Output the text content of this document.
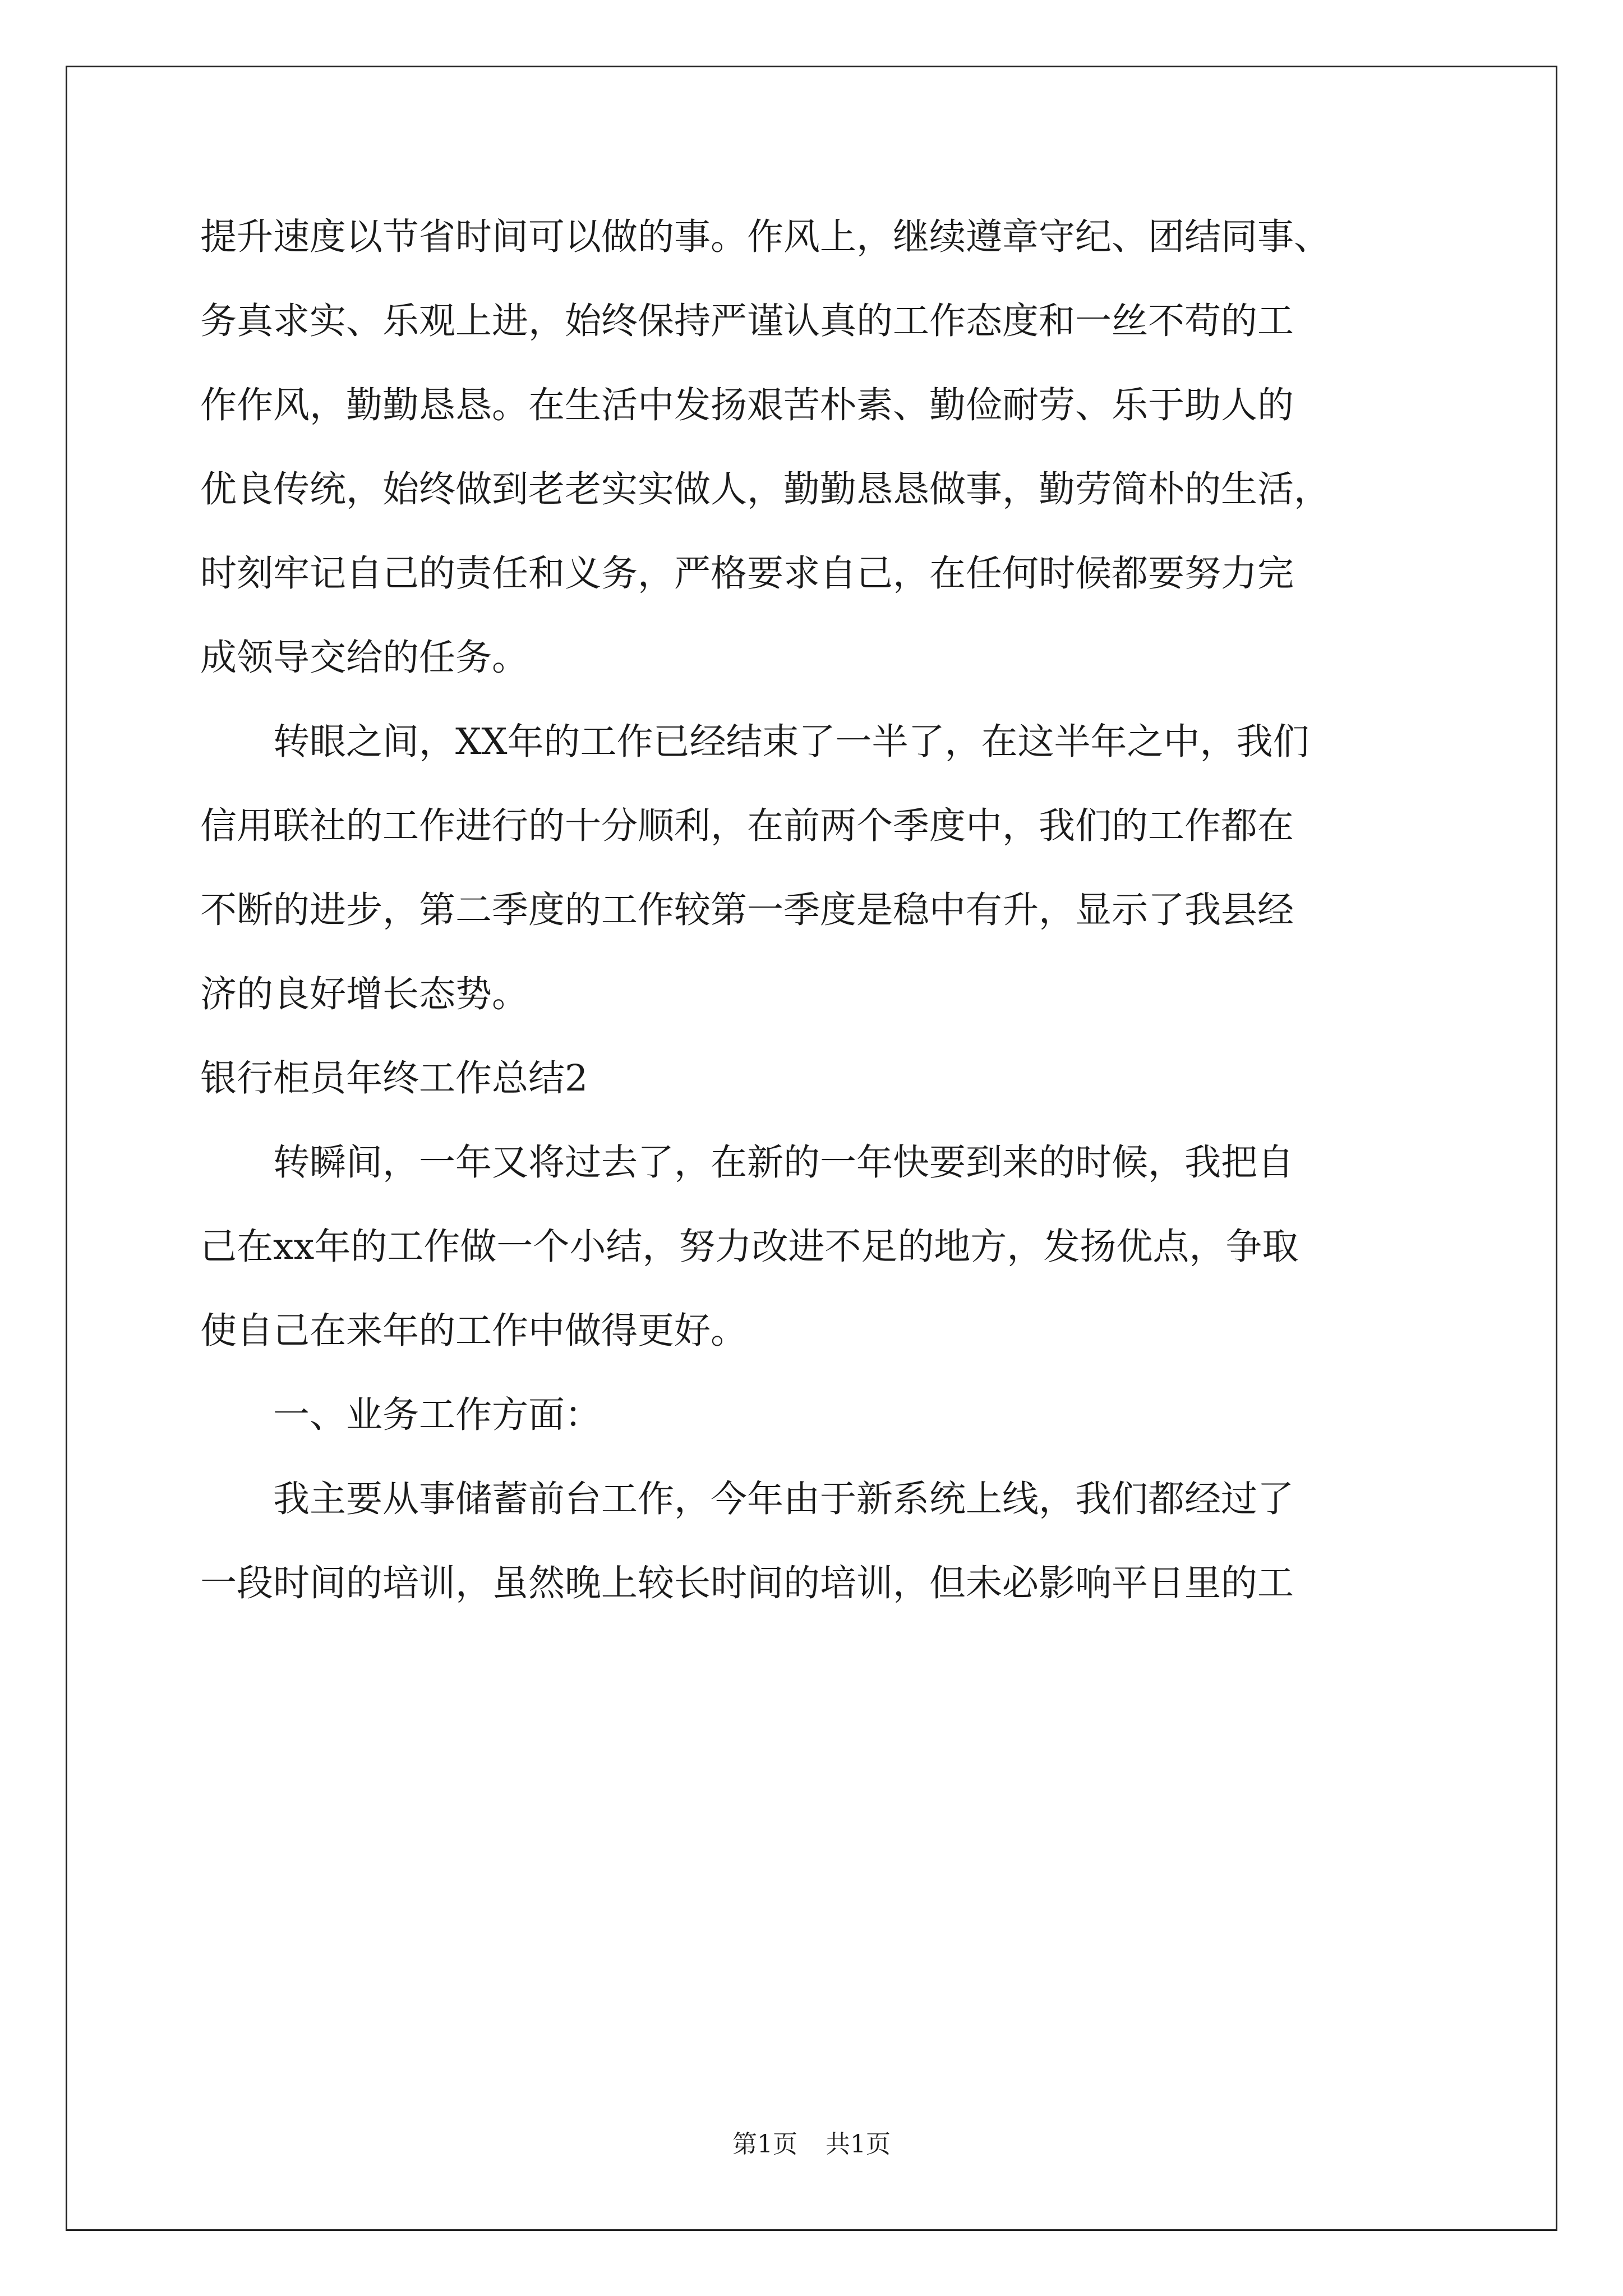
提升速度以节省时间可以做的事。作风上，继续遵章守纪、团结同事、
务真求实、乐观上进，始终保持严谨认真的工作态度和一丝不苟的工
作作风，勤勤恳恳。在生活中发扬艰苦朴素、勤俭耐劳、乐于助人的
优良传统，始终做到老老实实做人，勤勤恳恳做事，勤劳简朴的生活，
时刻牢记自己的责任和义务，严格要求自己，在任何时候都要努力完
成领导交给的任务。
　　转眼之间，XX年的工作已经结束了一半了，在这半年之中，我们
信用联社的工作进行的十分顺利，在前两个季度中，我们的工作都在
不断的进步，第二季度的工作较第一季度是稳中有升，显示了我县经
济的良好增长态势。
银行柜员年终工作总结2
　　转瞬间，一年又将过去了，在新的一年快要到来的时候，我把自
己在xx年的工作做一个小结，努力改进不足的地方，发扬优点，争取
使自己在来年的工作中做得更好。
　　一、业务工作方面：
　　我主要从事储蓄前台工作，今年由于新系统上线，我们都经过了
一段时间的培训，虽然晚上较长时间的培训，但未必影响平日里的工
第1页 共1页
